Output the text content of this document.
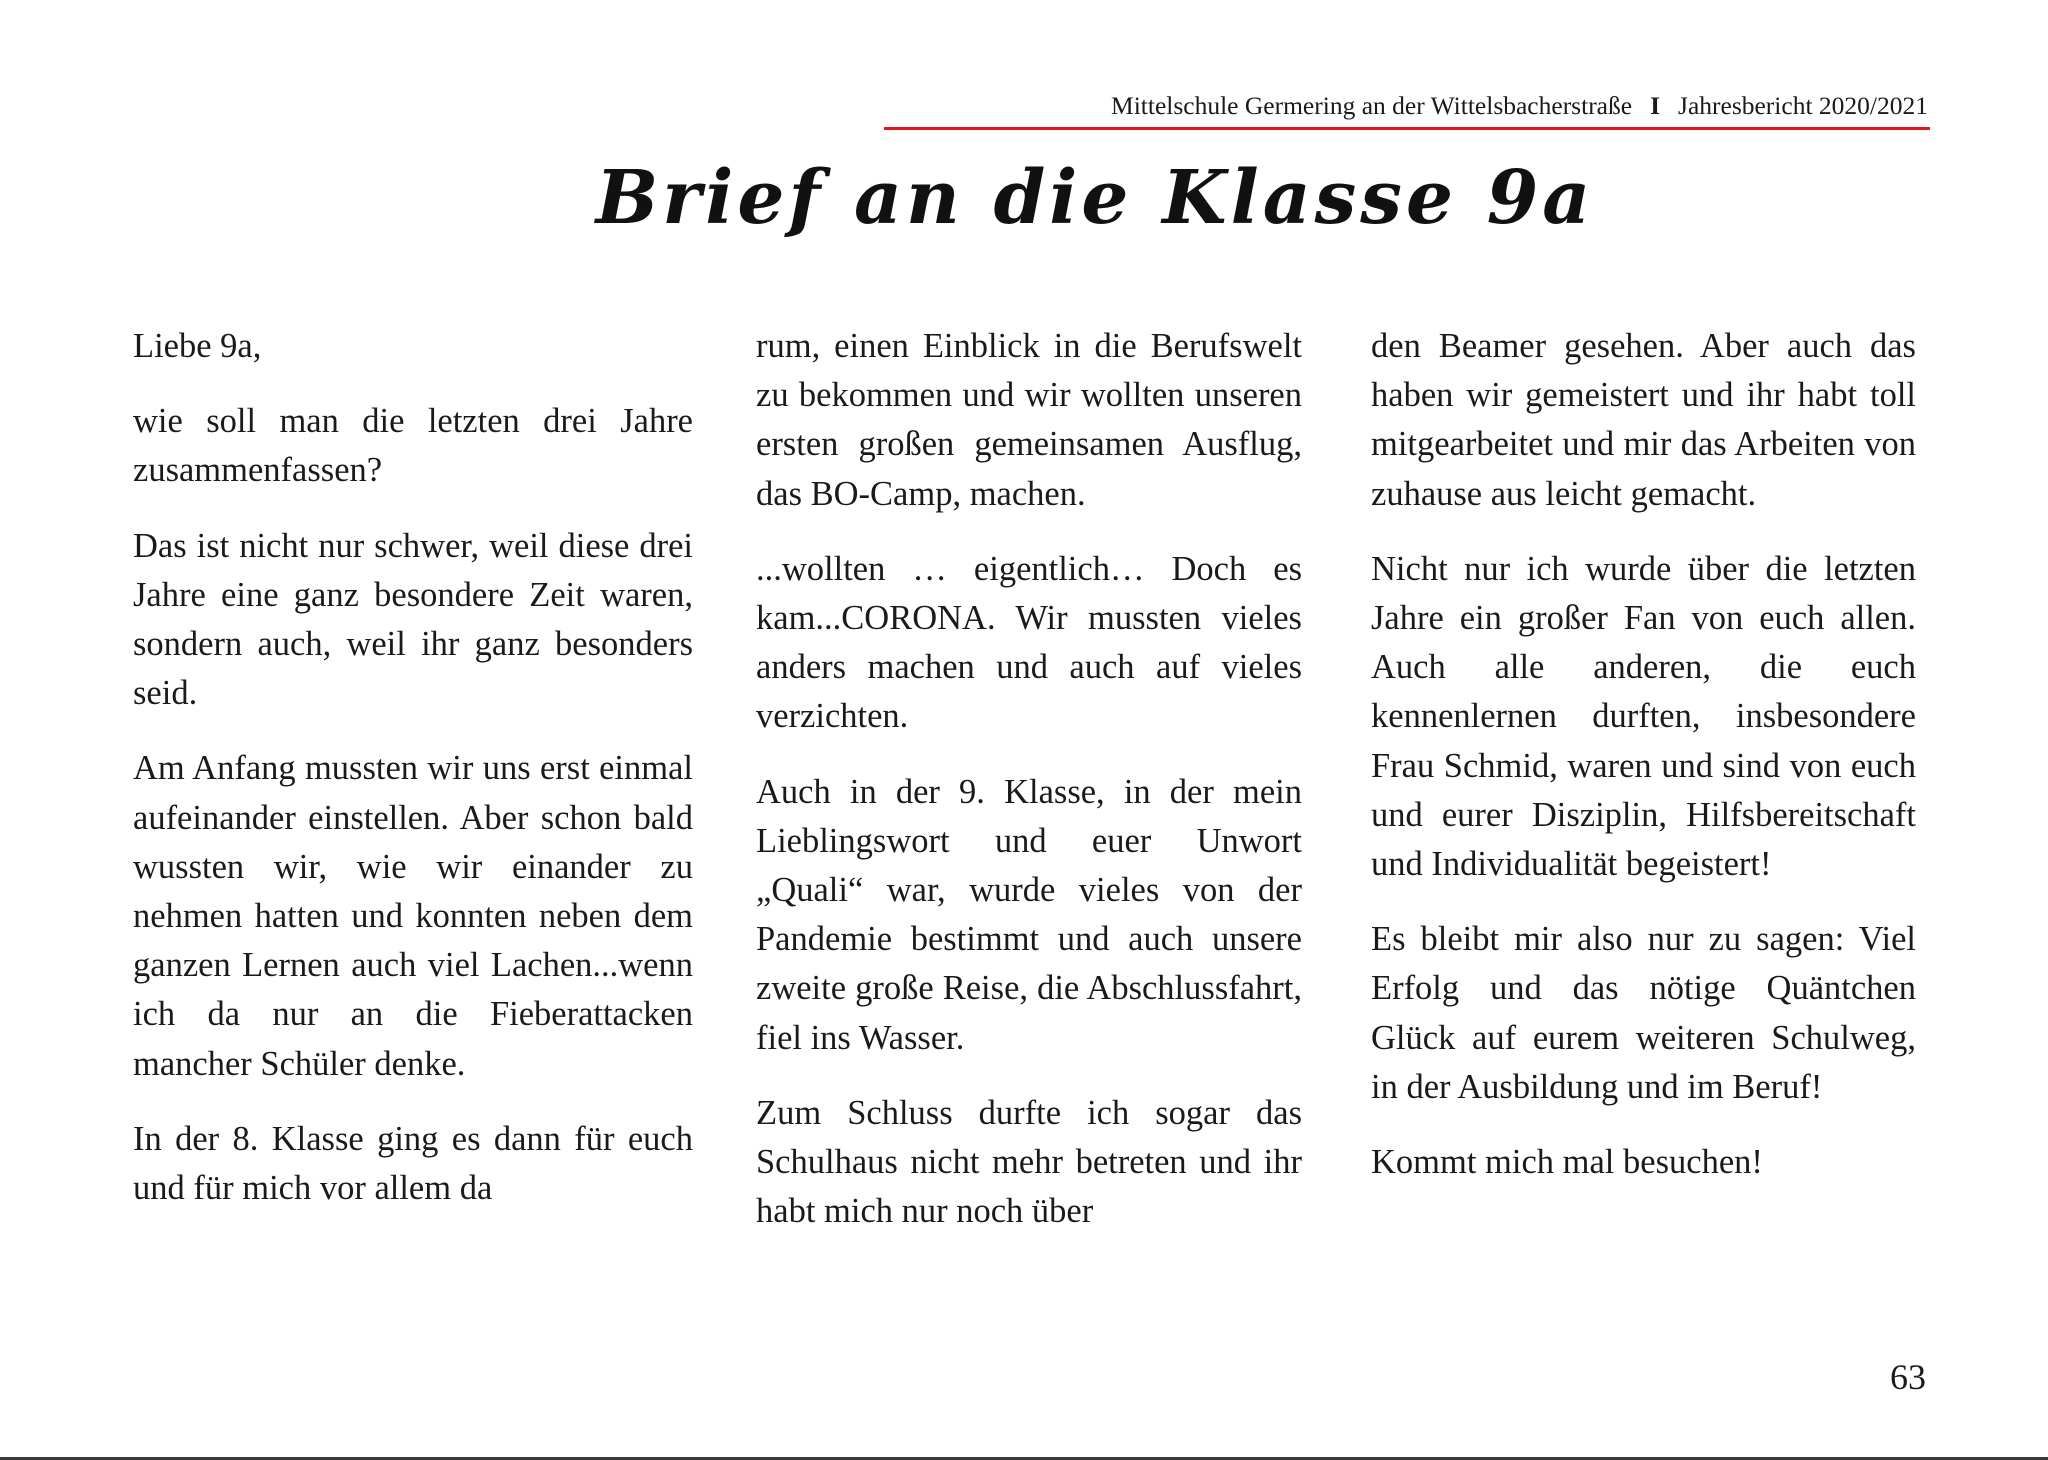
Mittelschule Germering an der Wittelsbacherstraße I Jahresbericht 2020/2021
Brief an die Klasse 9a

Liebe 9a,

wie soll man die letzten drei Jahre zusammenfassen?

Das ist nicht nur schwer, weil diese drei Jahre eine ganz besondere Zeit waren, sondern auch, weil ihr ganz besonders seid.

Am Anfang mussten wir uns erst einmal aufeinander einstellen. Aber schon bald wussten wir, wie wir einander zu nehmen hatten und konnten neben dem ganzen Lernen auch viel Lachen...wenn ich da nur an die Fieberattacken mancher Schüler denke.

In der 8. Klasse ging es dann für euch und für mich vor allem da

rum, einen Einblick in die Berufswelt zu bekommen und wir wollten unseren ersten großen gemeinsamen Ausflug, das BO-Camp, machen.

...wollten … eigentlich… Doch es kam...CORONA. Wir mussten vieles anders machen und auch auf vieles verzichten.

Auch in der 9. Klasse, in der mein Lieblingswort und euer Unwort „Quali“ war, wurde vieles von der Pandemie bestimmt und auch unsere zweite große Reise, die Abschlussfahrt, fiel ins Wasser.

Zum Schluss durfte ich sogar das Schulhaus nicht mehr betreten und ihr habt mich nur noch über

den Beamer gesehen. Aber auch das haben wir gemeistert und ihr habt toll mitgearbeitet und mir das Arbeiten von zuhause aus leicht gemacht.

Nicht nur ich wurde über die letzten Jahre ein großer Fan von euch allen. Auch alle anderen, die euch kennenlernen durften, insbesondere Frau Schmid, waren und sind von euch und eurer Disziplin, Hilfsbereitschaft und Individualität begeistert!

Es bleibt mir also nur zu sagen: Viel Erfolg und das nötige Quäntchen Glück auf eurem weiteren Schulweg, in der Ausbildung und im Beruf!

Kommt mich mal besuchen!

63
